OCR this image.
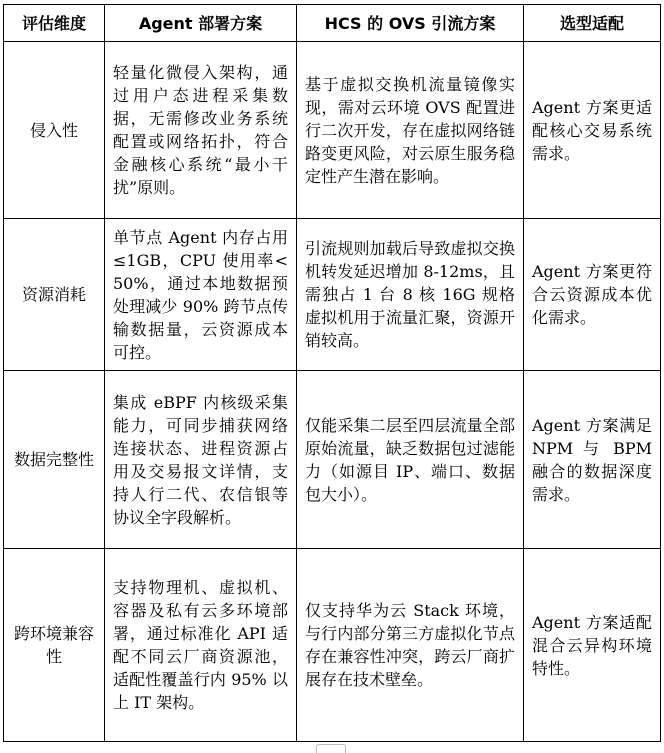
评估维度	Agent 部署方案	HCS 的 OVS 引流方案	选型适配
侵入性	轻量化微侵入架构，通过用户态进程采集数据，无需修改业务系统配置或网络拓扑，符合金融核心系统“最小干扰”原则。	基于虚拟交换机流量镜像实现，需对云环境 OVS 配置进行二次开发，存在虚拟网络链路变更风险，对云原生服务稳定性产生潜在影响。	Agent 方案更适配核心交易系统需求。
资源消耗	单节点 Agent 内存占用≤1GB，CPU 使用率<50%，通过本地数据预处理减少 90% 跨节点传输数据量，云资源成本可控。	引流规则加载后导致虚拟交换机转发延迟增加 8-12ms，且需独占 1 台 8 核 16G 规格虚拟机用于流量汇聚，资源开销较高。	Agent 方案更符合云资源成本优化需求。
数据完整性	集成 eBPF 内核级采集能力，可同步捕获网络连接状态、进程资源占用及交易报文详情，支持人行二代、农信银等协议全字段解析。	仅能采集二层至四层流量全部原始流量，缺乏数据包过滤能力（如源目 IP、端口、数据包大小）。	Agent 方案满足 NPM 与 BPM 融合的数据深度需求。
跨环境兼容性	支持物理机、虚拟机、容器及私有云多环境部署，通过标准化 API 适配不同云厂商资源池，适配性覆盖行内 95% 以上 IT 架构。	仅支持华为云 Stack 环境，与行内部分第三方虚拟化节点存在兼容性冲突，跨云厂商扩展存在技术壁垒。	Agent 方案适配混合云异构环境特性。
